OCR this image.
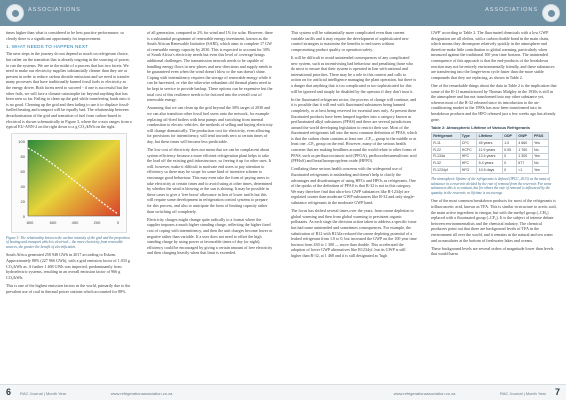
ASSOCIATIONS

times higher than what is considered to be best practice performance, so clearly there is a significant opportunity for improvement.

1. WHAT NEEDS TO HAPPEN NEXT

The next steps in the journey do not depend so much on refrigerant choice, but rather on the transition that is already ongoing in the sourcing of power, to run the systems. We are in the midst of a process that has two facets. We need to make our electricity supplies substantially cleaner than they are at present in order to reduce carbon dioxide emissions and we need to transfer many processes that have traditionally burned fossil fuels to electricity as the energy driver. Both facets need to succeed - if one is successful but the other fails, we will face a climate catastrophe far beyond anything that has been seen so far. Failing to clean up the grid while transferring loads onto it is no good. Cleaning up the grid and then failing to use it to displace fossil-fuelled heating and transport will be equally bad. The relationship between decarbonisation of the grid and transition of fuel from carbon-based to electrical is shown schematically in Figure 3, where the x-axis ranges from a typical EU-ANN-2 on the right down to a g CO₂/kWh on the right.

100
80
60
40
20
0
800	600	400	200	0
Figure 3: The relationship between the carbon intensity of the grid and the proportion of heating and transport which is electrical – the more electricity from renewable sources, the greater the benefit of electrification.

South Africa generated 258 948 GWh in 2017 according to Eskom. Approximately 88% (227 966 GWh), with a grid emission factor of 1.033 g CO₂/kWh as. A further 1 468 GWh was imported, predominantly from hydroelectric systems, resulting in an overall emission factor of 966 g CO₂/kWh.

This is one of the highest emission factors in the world, primarily due to the prevalent use of coal in thermal power stations which accounted for 88%

of all generation, compared to 2% for wind and 1% for solar. However, there is a substantial programme of renewable energy investment, known as the South African Renewable Initiative (SARI), which aims to complete 17 GW of renewable energy capacity by 2030. This is expected to account for 30% of South Africa's electricity needs but even this level of coverage brings additional challenges. The transmission network needs to be capable of handling energy flows in new places and new directions and supply needs to be guaranteed even when the wind doesn't blow or the sun doesn't shine. Coping with intermittency requires the storage of renewable energy while it can be harvested, or else the otherwise redundant old thermal plants need to be kept in service to provide backup. These options can be expensive but the total cost of this resilience needs to be factored into the overall cost of renewable energy.

Assuming that we can clean up the grid beyond the 30% target of 2030 and we can also transition other fossil fuel users onto the network, for example replacing oil-fired boilers with heat pumps and switching from internal combustion to electric vehicles, the methods of selling and buying electricity will change dramatically. The production cost for electricity, even allowing for provisions for intermittency, will tend towards zero at certain times of day, but these times will become less predictable.

The low cost of electricity does not mean that we can be complacent about system efficiency because a more efficient refrigeration plant helps to take the load off the existing grid infrastructure, so freeing it up for other uses. It will, however, make it difficult to motivate end users to pay attention to efficiency so there may be scope for some kind of incentive scheme to encourage good behaviour. This may even take the form of paying users to take electricity at certain times and to avoid using at other times, determined by whether the wind is blowing or the sun is shining. It may be possible in these cases to give a 'free boost' allowance in lieu of lower tariffs but this will require some development in refrigeration control systems to prepare for this process, and also to anticipate the form of limiting capacity rather than switching off completely.

Electricity charges might change quite radically to a format where the supplier imposes a much higher standing charge, reflecting the higher fixed cost of coping with intermittency, and then the unit charges become lower or negative rather than variable. If a user does not need to offset the high standing charge by using power at favourable times of day (or night), efficiency could be encouraged by giving a certain amount of free electricity and then charging heavily when that limit is exceeded.

6 RAC Journal | Month Year	www.refrigerationassociation.co.za
ASSOCIATIONS

This system will be substantially more complicated even than current variable tariffs and it may require the development of sophisticated new control strategies to maximise the benefits to end users without compromising product quality or operation safety.

It will be difficult to avoid unintended consequences of any complicated new system, such as incentivising bad behaviour and penalising those who do most to ensure that their system is operated in line with national and international priorities. There may be a role in this context and calls to action on for artificial intelligence managing the plant operation, but there is a danger that anything that is too complicated or too sophisticated for this will be ignored and simply be disabled by the operator if they don't trust it.

In the fluorinated refrigerant sector, the process of change will continue, and it is possible that it will end with fluorinated substances being banned completely, or at best being reserved for essential uses only. At present these fluorinated products have been lumped together into a category known as perfluorinated alkyl substances (PFAS) and there are several jurisdictions around the world developing legislation to restrict their use. Most of the fluorinated refrigerants fall into the most common definition of PFAS, which is that the carbon chain contains at least one –CF₃– group in the middle or at least one –CF₃ group on the end. However, many of the serious health concerns that are making headlines around the world relate to other forms of PFAS, such as perfluorooctanoic acid (PFOA), perfluorohexanesulfonic acid (PFHxS) and hexafluoropropylene oxide (HFPO).

Conflating these serious health concerns with the widespread use of fluorinated refrigerants is misleading and doesn't help to clarify the advantages and disadvantages of using HFCs and HFOs as refrigerants. One of the quirks of the definition of PFAS is that R-32 is not in this category. We may therefore find that ultra-low GWP substances like R-1234yf are regulated sooner than moderate GWP substances like R-32 and only single-substance refrigerants in the moderate GWP band.

The focus has shifted several times over the years, from ozone depletion to global warming and then from global warming to persistent organic pollutants. As each stage the decision action taken to address a specific issue has had some unintended and sometimes consequences. For example, the substitution of R12 with R134a reduced the ozone depleting potential of a leaked refrigerant from 1.0 to 0, but increased the GWP on the 100 year time horizon from 430 to 1 300 — more than double. This accelerated the adoption of lower GWP alternatives like R1234yf, but its GWP is still higher than R-32, at 1 468 and it is still designated as 'high

GWP' according to Table 2. The fluorinated chemicals with a low GWP designation are all olefins, with a carbon double bond in the main chain, which means they decompose relatively quickly in the atmosphere and therefore make little contribution to global warming, particularly when measured against the traditional 100 year time horizon. The unintended consequence of this approach is that the end-products of the breakdown reaction may not be entirely environmentally friendly, and these substances are transferring into the longer-term cycle faster than the more stable compounds that they are replacing, as shown in Table 2.

One of the remarkable things about the data in Table 2 is the implication that some of the R-11 manufactured by Thomas Midgley in the 1930s is still in the atmosphere and has not transformed into any other substance yet, whereas most of the R-32 released since its introduction to the air-conditioning market in the 1990s has now been transformed into its breakdown products and the HFO released just a few weeks ago has already gone.

Table 2: Atmospheric Lifetime of Various Refrigerants
Refrigerant	Type	Lifetime	ODP	GWP	PFAS
R-11	CFC	45 years	1.0	4 660	Yes
R-22	HCFC	11.9 years	0.05	1 760	No
R-134a	HFC	13.4 years	0	1 300	Yes
R-32	HFC	5.4 years	0	677	No
R-1234yf	HFO	10.5 days	0	<1	Yes
The atmospheric lifetime of the refrigerants is defined (IPCC, 2013) as the mass of substance in a reservoir divided by the rate of removal from the reservoir. For some substances this is a constant, but for others the rate of removal is influenced by the quantity in the reservoir, so lifetime is an average.

One of the most common breakdown products for most of the refrigerants is trifluoroacetic acid, known as TFA. This is similar in structure to acetic acid, the main active ingredient in vinegar, but with the methyl group (–CH₃) replaced with a fluorinated group (–CF₃). It is the subject of intense debate between environmentalists and the chemical industry. The chemical producers point out that there are background levels of TFA in the environment all over the world, and it remains in the natural and sea water and accumulates at the bottom of freshwater lakes and oceans.

These background levels are several orders of magnitude lower than levels that would harm

RAC Journal | Month Year
www.refrigerationassociation.co.za	7
